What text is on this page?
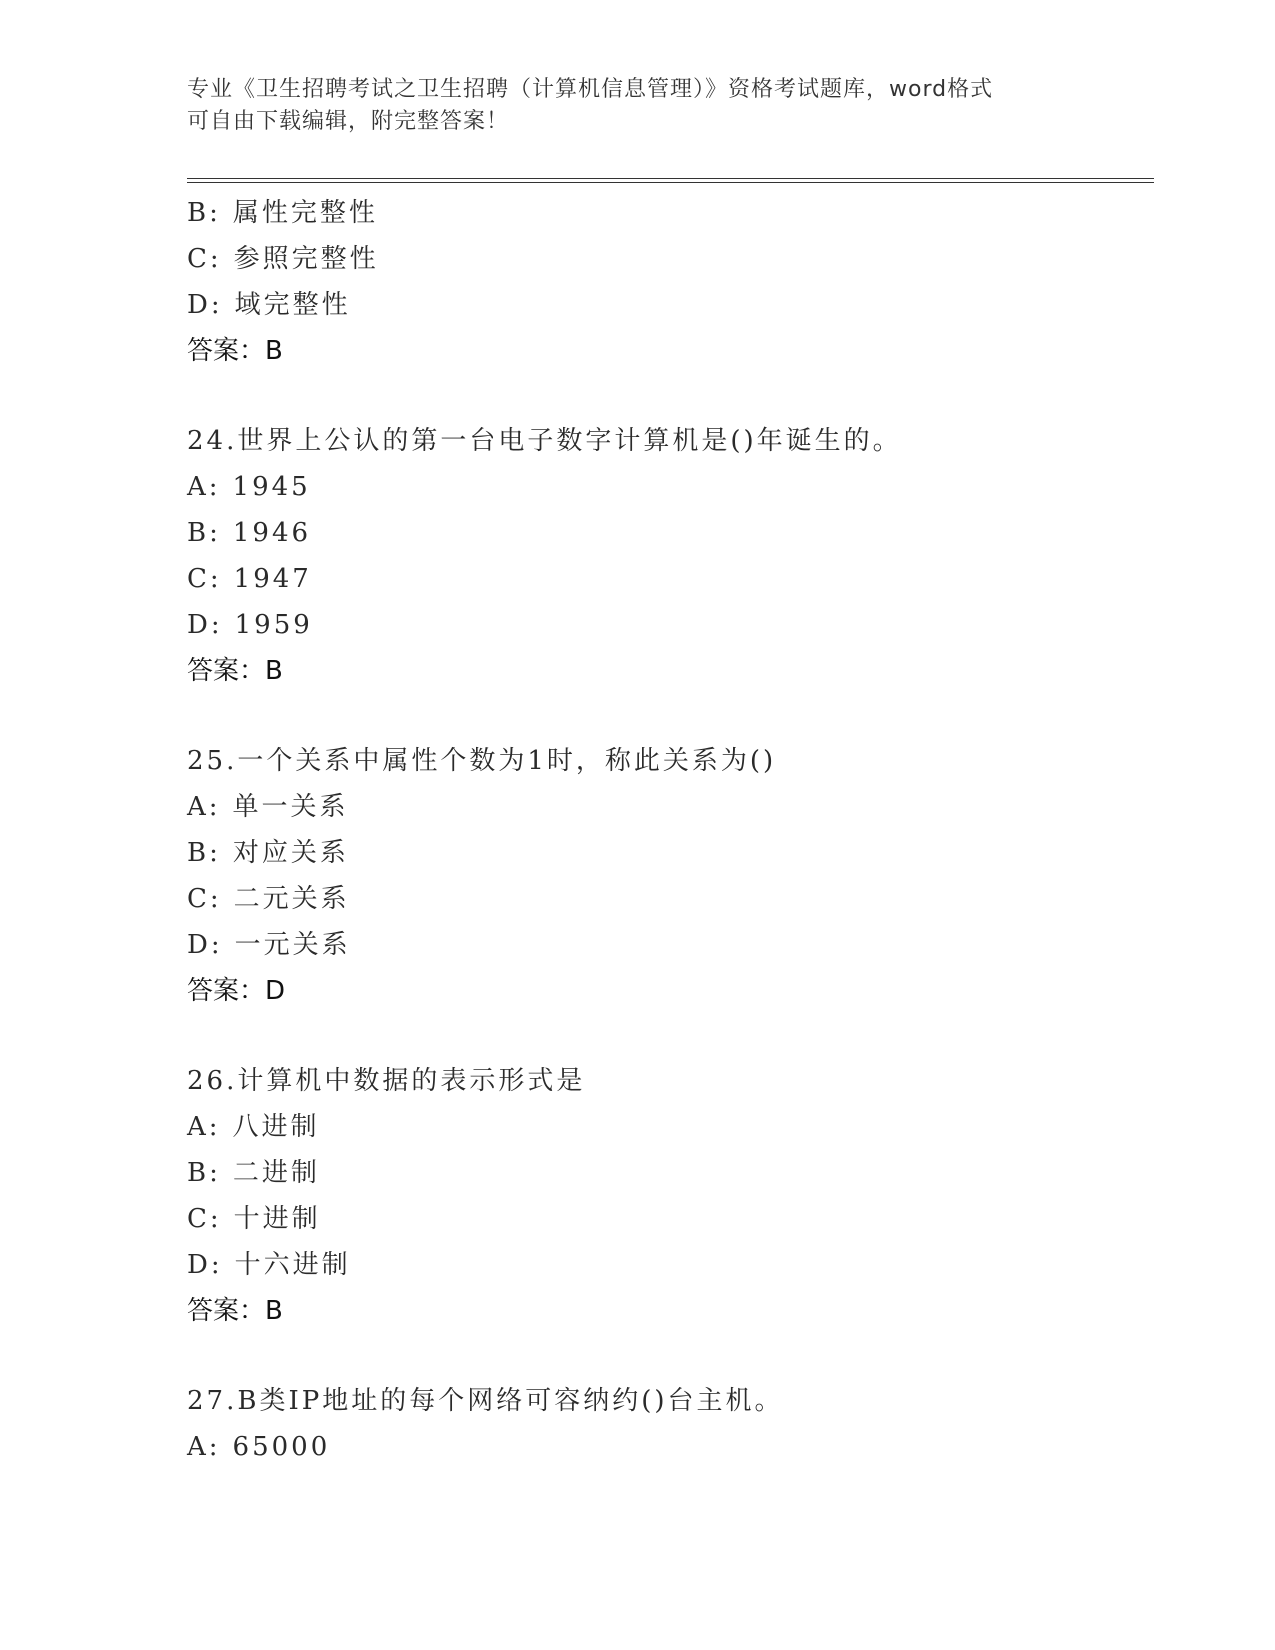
专业《卫生招聘考试之卫生招聘（计算机信息管理）》资格考试题库，word格式
可自由下载编辑，附完整答案！
B: 属性完整性
C: 参照完整性
D: 域完整性
答案：B
24.世界上公认的第一台电子数字计算机是()年诞生的。
A: 1945
B: 1946
C: 1947
D: 1959
答案：B
25.一个关系中属性个数为1时，称此关系为()
A: 单一关系
B: 对应关系
C: 二元关系
D: 一元关系
答案：D
26.计算机中数据的表示形式是
A: 八进制
B: 二进制
C: 十进制
D: 十六进制
答案：B
27.B类IP地址的每个网络可容纳约()台主机。
A: 65000
